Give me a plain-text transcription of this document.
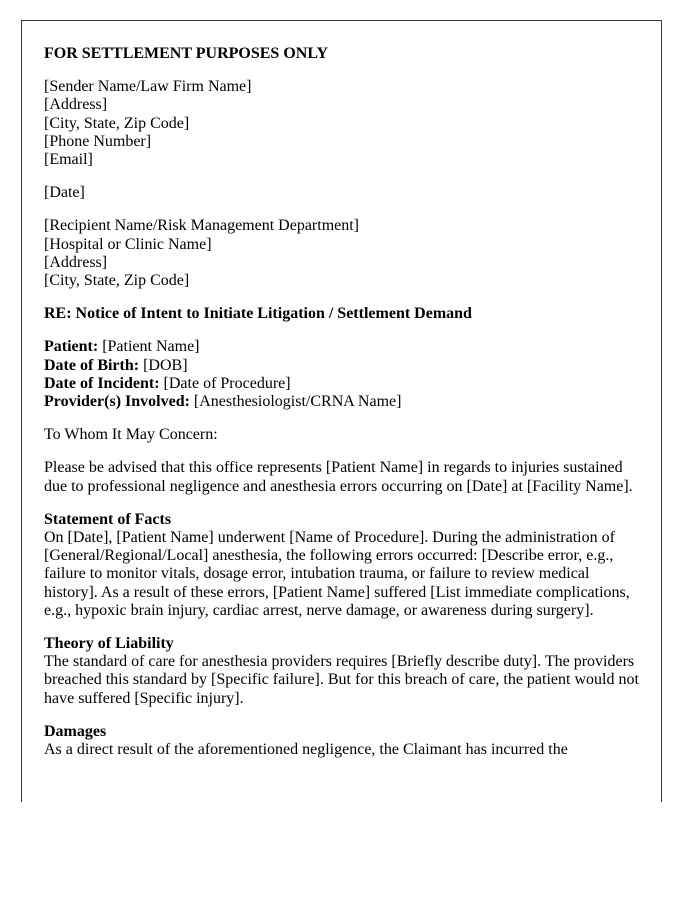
FOR SETTLEMENT PURPOSES ONLY

[Sender Name/Law Firm Name]
[Address]
[City, State, Zip Code]
[Phone Number]
[Email]

[Date]

[Recipient Name/Risk Management Department]
[Hospital or Clinic Name]
[Address]
[City, State, Zip Code]

RE: Notice of Intent to Initiate Litigation / Settlement Demand

Patient: [Patient Name]
Date of Birth: [DOB]
Date of Incident: [Date of Procedure]
Provider(s) Involved: [Anesthesiologist/CRNA Name]

To Whom It May Concern:

Please be advised that this office represents [Patient Name] in regards to injuries sustained due to professional negligence and anesthesia errors occurring on [Date] at [Facility Name].

Statement of Facts
On [Date], [Patient Name] underwent [Name of Procedure]. During the administration of [General/Regional/Local] anesthesia, the following errors occurred: [Describe error, e.g., failure to monitor vitals, dosage error, intubation trauma, or failure to review medical history]. As a result of these errors, [Patient Name] suffered [List immediate complications, e.g., hypoxic brain injury, cardiac arrest, nerve damage, or awareness during surgery].

Theory of Liability
The standard of care for anesthesia providers requires [Briefly describe duty]. The providers breached this standard by [Specific failure]. But for this breach of care, the patient would not have suffered [Specific injury].

Damages
As a direct result of the aforementioned negligence, the Claimant has incurred the
